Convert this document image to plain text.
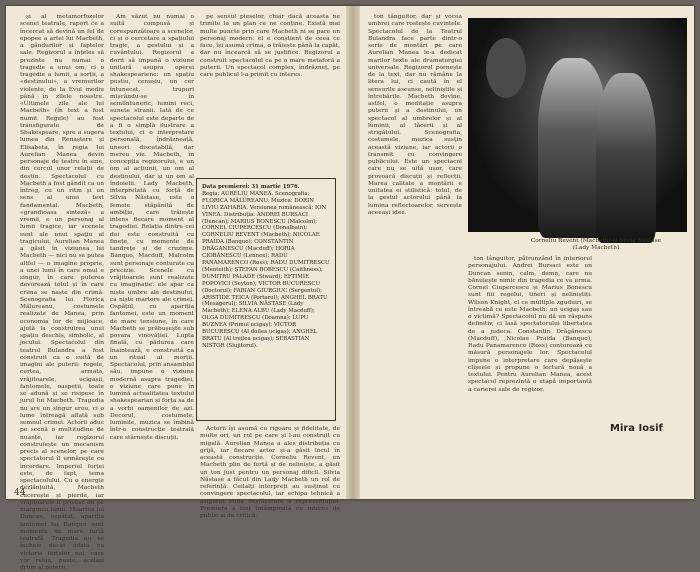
și al metamorfozelor scenei teatrale, raport ce a încercat să devină un fel de epopee a artei lui Macbeth, a gândurilor și faptelor sale. Regizorul a înțeles să prezinte nu numai o tragedie a unui om, ci o tragedie a lumii, a sorții, a «destinului», a vremurilor violente, de la Evul mediu până în zilele noastre. «Ultimele zile ale lui Macbeth» (în text a fost numit Regele) au fost transfigurate de Shakespeare, spre a sugera lumea din Renaștere și Elisabeta, în regia lui Aurelian Manea devin personaje de teatru în sine, din cercul unor relații de destin. Spectacolul cu Macbeth a fost gândit ca un întreg, cu un ritm și un sens al unui text fundamental. Macbeth, «grandioasa sinteză» a vremii, e un personaj al lumii tragice, iar scenele sunt ale unui spațiu al tragicului. Aurelian Manea a găsit în viziunea lui Macbeth — nici nu se putea altfel — o imagine proprie, a unei lumi în care omul e singur, în care puterea devorează totul și în care crima se naște din crimă. Scenografia lui Florica Mălureanu, costumele realizate de Manea, prin economia lor de mijloace, ajută la construirea unui spațiu deschis, simbolic, al jocului. Spectacolul din teatrul Bulandra a fost construit ca o suită de imagini ale puterii: regele, curtea, armata, vrăjitoarele, ucigașii, fantomele, oaspeții, toate se adună și se risipesc în jurul lui Macbeth. Tragedia nu are un singur erou, ci o lume întreagă aflată sub semnul crimei. Actorii aduc pe scenă o multitudine de nuanțe, iar regizorul construiește un mecanism precis al scenelor, pe care spectatorul îl urmărește cu încordare. Imperiul forței este, de fapt, tema spectacolului. Cu o energie dezlănțuită, Macbeth cucerește și pierde, iar vrăjitoarele îl privesc de pe marginea lumii. Moartea lui Duncan, ospățul, apariția fantomei lui Banquo sunt momente de mare forță teatrală. Tragedia nu se încheie decât odată cu victoria forțelor noi, care vor relua, poate, același drum al puterii.

Am văzut nu numai o suită compusă și corespunzătoare a scenelor, ci și o cercetare a spațiului tragic, a gestului și a cuvântului. Regizorul a dorit să impună o viziune unitară asupra operei shakespeariene: un spațiu pustiu, cenușiu, un cer întunecat, trupuri mișcându-se în semiîntuneric, lumini reci, sunete stranii. Iată de ce spectacolul este departe de a fi o simplă ilustrare a textului, ci o interpretare personală, îndrăzneață, uneori discutabilă, dar mereu vie. Macbeth, în concepția regizorului, e un om al acțiunii, un om al destinului, dar și un om al îndoielii. Lady Macbeth, interpretată cu forță de Silvia Năstase, este o femeie stăpânită de ambiție, care trăiește intens fiecare moment al tragediei. Relația dintre cei doi este construită cu finețe, cu momente de tandrețe și de cruzime. Banquo, Macduff, Malcolm sunt personaje conturate cu precizie. Scenele cu vrăjitoarele sunt realizate cu imaginație: ele apar ca niște umbre ale destinului, ca niște martore ale crimei. Ospățul, cu apariția fantomei, este un moment de mare tensiune, în care Macbeth se prăbușește sub povara vinovăției. Lupta finală, cu pădurea care înaintează, e construită ca un ritual al morții. Spectacolul, prin ansamblul său, impune o viziune modernă asupra tragediei, o viziune care pune în lumină actualitatea textului shakespearian și forța sa de a vorbi oamenilor de azi. Decorul, costumele, luminile, muzica se îmbină într-o construcție teatrală care stârnește discuții.

pe sensul pieselor, chiar dacă aceasta ne trimite la un plan ce ne conține. Există mai multe puncte prin care Macbeth ni se pare un personaj modern: el e conștient de ceea ce face, își asumă crima, o trăiește până la capăt, dar nu încearcă să se justifice. Regizorul a construit spectacolul ca pe o mare metaforă a puterii. Un spectacol complex, îndrăzneț, pe care publicul l-a primit cu interes.

Data premierei: 31 martie 1976.
Regia: AURELIU MANEA. Scenografia: FLORICA MĂLUREANU. Muzica: DORIN LIVIU ZAHARIA. Versiunea românească: ION VINEA. Distribuția: ANDREI BURSACI (Duncan); MARIUS BONESCU (Malcolm); CORNEL CIUPERCESCU (Donalbain); CORNELIU REVENT (Macbeth); NICOLAE PRAIDA (Banquo); CONSTANTIN DRĂGANESCU (Macduff); HORIA CIOBĂNESCU (Lennox); RADU PANAMARENCO (Ross); RADU DUMITRESCU (Menteith); ȘTEFAN BOBESCU (Caithness); DUMITRU PALADE (Siward); EFTIMIE POPOVICI (Seyton); VICTOR BUCURESCU (Doctorul); FABIAN GIURGIUC (Sergentul); ARISTIDE TEICA (Portarul); ANGHEL BRATU (Mesagerul); SILVIA NĂSTASE (Lady Macbeth); ELENA ALBU (Lady Macduff); OLGA DUMITRESCU (Doamna); LUPU BUZNEA (Primul ucigaș); VICTOR BUCURESCU (Al doilea ucigaș); ANGHEL BRATU (Al treilea ucigaș); SEBASTIAN NISTOR (Slujitorul).

Actorii își asumă cu rigoare și fidelitate, de multe ori, un rol pe care și l-au construit cu migală. Aurelian Manea a ales distribuția cu grijă, iar fiecare actor și-a găsit locul în această construcție. Corneliu Revent, un Macbeth plin de forță și de neliniște, a găsit un ton just pentru un personaj dificil. Silvia Năstase a făcut din Lady Macbeth un rol de referință. Ceilalți interpreți au susținut cu convingere spectacolul, iar echipa tehnică a asigurat buna desfășurare a reprezentației. Premiera a fost întâmpinată cu interes de public și de critică.

44

ton tânguitor, dar și vocea umbrei care rostește cuvintele. Spectacolul de la Teatrul Bulandra face parte dintr-o serie de montări pe care Aurelian Manea le-a dedicat marilor texte ale dramaturgiei universale. Regizorul pornește de la text, dar nu rămâne la litera lui, ci caută în el sensurile ascunse, neliniștile și întrebările. Macbeth devine, astfel, o meditație asupra puterii și a destinului, un spectacol al umbrelor și al luminii, al tăcerii și al strigătului. Scenografia, costumele, muzica susțin această viziune, iar actorii o transmit cu convingere publicului. Este un spectacol care nu se uită ușor, care provoacă discuții și reflecții. Marea calitate a montării e unitatea ei stilistică: totul, de la gestul actorului până la lumina reflectoarelor, servește aceeași idee.

Corneliu Revent (Macbeth) și Silvia Năstase (Lady Macbeth)

ton tânguitor, pătrunzând în interiorul personajului. Andrei Bursaci este un Duncan senin, calm, demn, care nu bănuiește nimic din tragedia ce va urma. Cornel Ciupercescu și Marius Bonescu sunt fiii regelui, tineri și neliniștiți. Wilson Knight, el ce multiple zguduiri, se întreabă ce este Macbeth: un ucigaș sau o victimă? Spectacolul nu dă un răspuns definitiv, ci lasă spectatorului libertatea de a judeca. Constantin Drăgănescu (Macduff), Nicolae Praida (Banquo), Radu Panamarenco (Ross) conturează cu măsură personajele lor. Spectacolul impune o interpretare care depășește clișeele și propune o lectură nouă a textului. Pentru Aurelian Manea, acest spectacol reprezintă o etapă importantă a carierei sale de regizor.

Mira Iosif
